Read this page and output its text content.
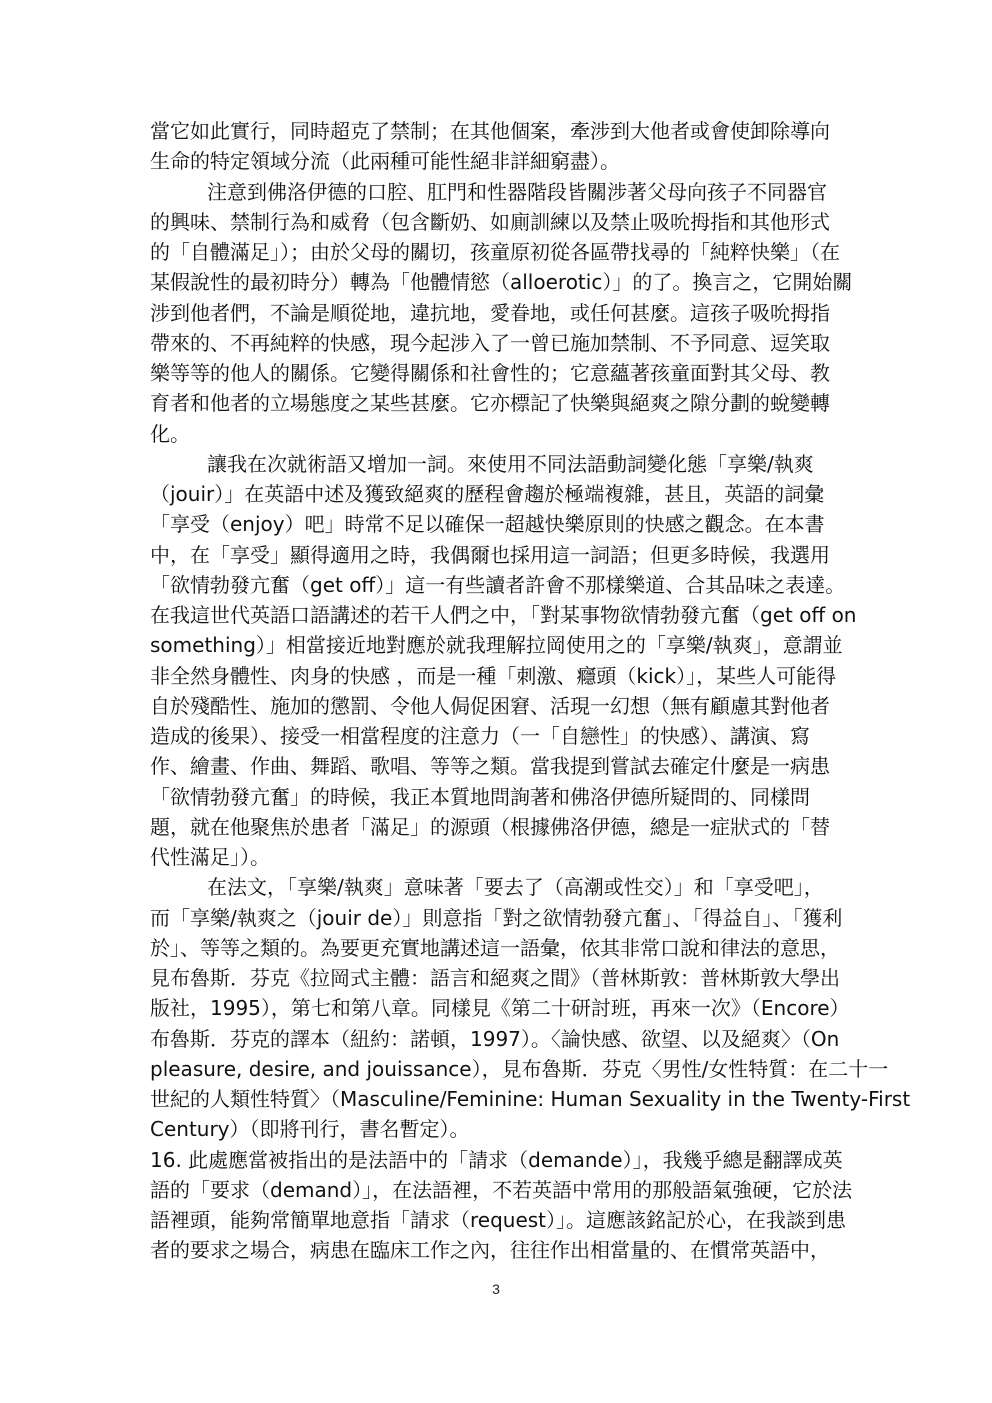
當它如此實行，同時超克了禁制；在其他個案，牽涉到大他者或會使卸除導向
生命的特定領域分流（此兩種可能性絕非詳細窮盡）。
注意到佛洛伊德的口腔、肛門和性器階段皆關涉著父母向孩子不同器官
的興味、禁制行為和威脅（包含斷奶、如廁訓練以及禁止吸吮拇指和其他形式
的「自體滿足」）；由於父母的關切，孩童原初從各區帶找尋的「純粹快樂」（在
某假說性的最初時分）轉為「他體情慾（alloerotic）」的了。換言之，它開始關
涉到他者們，不論是順從地，違抗地，愛眷地，或任何甚麼。這孩子吸吮拇指
帶來的、不再純粹的快感，現今起涉入了一曾已施加禁制、不予同意、逗笑取
樂等等的他人的關係。它變得關係和社會性的；它意蘊著孩童面對其父母、教
育者和他者的立場態度之某些甚麼。它亦標記了快樂與絕爽之隙分劃的蛻變轉
化。
讓我在次就術語又增加一詞。來使用不同法語動詞變化態「享樂/執爽
（jouir）」在英語中述及獲致絕爽的歷程會趨於極端複雜，甚且，英語的詞彙
「享受（enjoy）吧」時常不足以確保一超越快樂原則的快感之觀念。在本書
中，在「享受」顯得適用之時，我偶爾也採用這一詞語；但更多時候，我選用
「欲情勃發亢奮（get off）」這一有些讀者許會不那樣樂道、合其品味之表達。
在我這世代英語口語講述的若干人們之中，「對某事物欲情勃發亢奮（get off on
something）」相當接近地對應於就我理解拉岡使用之的「享樂/執爽」，意謂並
非全然身體性、肉身的快感 ，而是一種「刺激、癮頭（kick）」，某些人可能得
自於殘酷性、施加的懲罰、令他人侷促困窘、活現一幻想（無有顧慮其對他者
造成的後果）、接受一相當程度的注意力（一「自戀性」的快感）、講演、寫
作、繪畫、作曲、舞蹈、歌唱、等等之類。當我提到嘗試去確定什麼是一病患
「欲情勃發亢奮」的時候，我正本質地問詢著和佛洛伊德所疑問的、同樣問
題，就在他聚焦於患者「滿足」的源頭（根據佛洛伊德，總是一症狀式的「替
代性滿足」）。
在法文，「享樂/執爽」意味著「要去了（高潮或性交）」和「享受吧」，
而「享樂/執爽之（jouir de）」則意指「對之欲情勃發亢奮」、「得益自」、「獲利
於」、等等之類的。為要更充實地講述這一語彙，依其非常口說和律法的意思，
見布魯斯．芬克《拉岡式主體：語言和絕爽之間》（普林斯敦：普林斯敦大學出
版社，1995），第七和第八章。同樣見《第二十研討班，再來一次》（Encore）
布魯斯．芬克的譯本（紐約：諾頓，1997）。〈論快感、欲望、以及絕爽〉（On
pleasure, desire, and jouissance），見布魯斯．芬克〈男性/女性特質：在二十一
世紀的人類性特質〉（Masculine/Feminine: Human Sexuality in the Twenty-First
Century）（即將刊行，書名暫定）。
16. 此處應當被指出的是法語中的「請求（demande）」，我幾乎總是翻譯成英
語的「要求（demand）」，在法語裡，不若英語中常用的那般語氣強硬，它於法
語裡頭，能夠常簡單地意指「請求（request）」。這應該銘記於心，在我談到患
者的要求之場合，病患在臨床工作之內，往往作出相當量的、在慣常英語中，
3
